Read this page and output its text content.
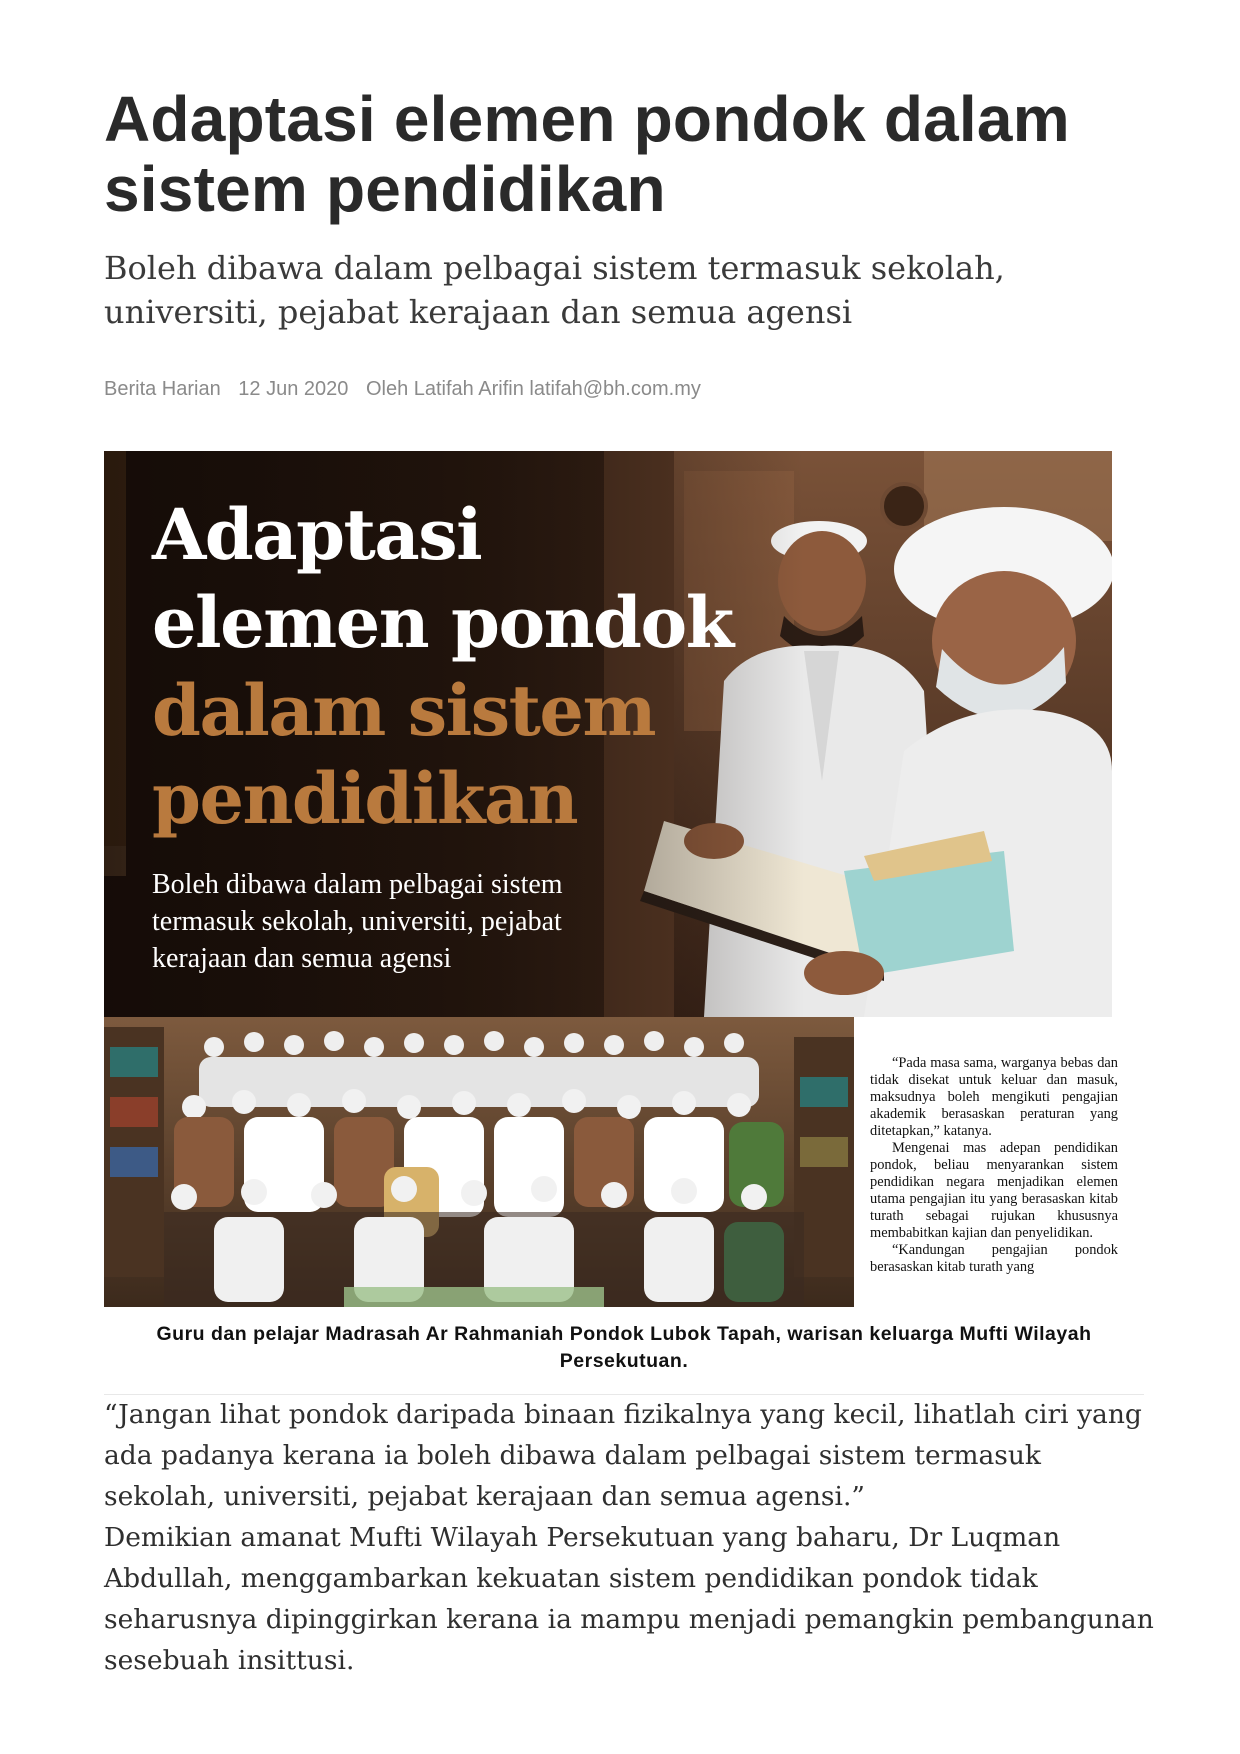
Adaptasi elemen pondok dalam sistem pendidikan
Boleh dibawa dalam pelbagai sistem termasuk sekolah, universiti, pejabat kerajaan dan semua agensi
Berita Harian 12 Jun 2020 Oleh Latifah Arifin latifah@bh.com.my
Adaptasi
elemen pondok
dalam sistem
pendidikan

Boleh dibawa dalam pelbagai sistem termasuk sekolah, universiti, pejabat kerajaan dan semua agensi

“Pada masa sama, warganya bebas dan tidak disekat untuk keluar dan masuk, maksudnya boleh mengikuti pengajian akademik berasaskan peraturan yang ditetapkan,” katanya.

Mengenai mas adepan pendidikan pondok, beliau menyarankan sistem pendidikan negara menjadikan elemen utama pengajian itu yang berasaskan kitab turath sebagai rujukan khususnya membabitkan kajian dan penyelidikan.

“Kandungan pengajian pondok berasaskan kitab turath yang

Guru dan pelajar Madrasah Ar Rahmaniah Pondok Lubok Tapah, warisan keluarga Mufti Wilayah Persekutuan.

“Jangan lihat pondok daripada binaan fizikalnya yang kecil, lihatlah ciri yang ada padanya kerana ia boleh dibawa dalam pelbagai sistem termasuk sekolah, universiti, pejabat kerajaan dan semua agensi.”

Demikian amanat Mufti Wilayah Persekutuan yang baharu, Dr Luqman Abdullah, menggambarkan kekuatan sistem pendidikan pondok tidak seharusnya dipinggirkan kerana ia mampu menjadi pemangkin pembangunan sesebuah insittusi.
